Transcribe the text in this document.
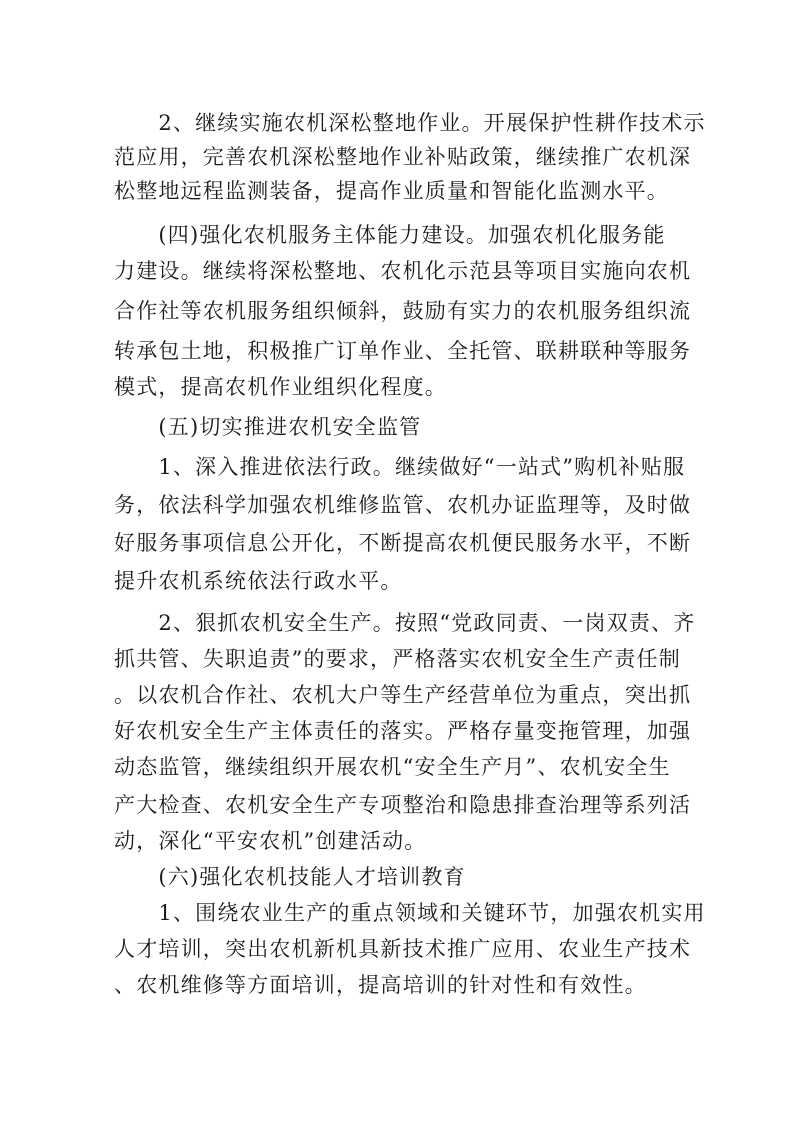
　　2、继续实施农机深松整地作业。开展保护性耕作技术示
范应用，完善农机深松整地作业补贴政策，继续推广农机深
松整地远程监测装备，提高作业质量和智能化监测水平。
　　(四)强化农机服务主体能力建设。加强农机化服务能
力建设。继续将深松整地、农机化示范县等项目实施向农机
合作社等农机服务组织倾斜，鼓励有实力的农机服务组织流
转承包土地，积极推广订单作业、全托管、联耕联种等服务
模式，提高农机作业组织化程度。
　　(五)切实推进农机安全监管
　　1、深入推进依法行政。继续做好“一站式”购机补贴服
务，依法科学加强农机维修监管、农机办证监理等，及时做
好服务事项信息公开化，不断提高农机便民服务水平，不断
提升农机系统依法行政水平。
　　2、狠抓农机安全生产。按照“党政同责、一岗双责、齐
抓共管、失职追责”的要求，严格落实农机安全生产责任制
。以农机合作社、农机大户等生产经营单位为重点，突出抓
好农机安全生产主体责任的落实。严格存量变拖管理，加强
动态监管，继续组织开展农机“安全生产月”、农机安全生
产大检查、农机安全生产专项整治和隐患排查治理等系列活
动，深化“平安农机”创建活动。
　　(六)强化农机技能人才培训教育
　　1、围绕农业生产的重点领域和关键环节，加强农机实用
人才培训，突出农机新机具新技术推广应用、农业生产技术
、农机维修等方面培训，提高培训的针对性和有效性。
